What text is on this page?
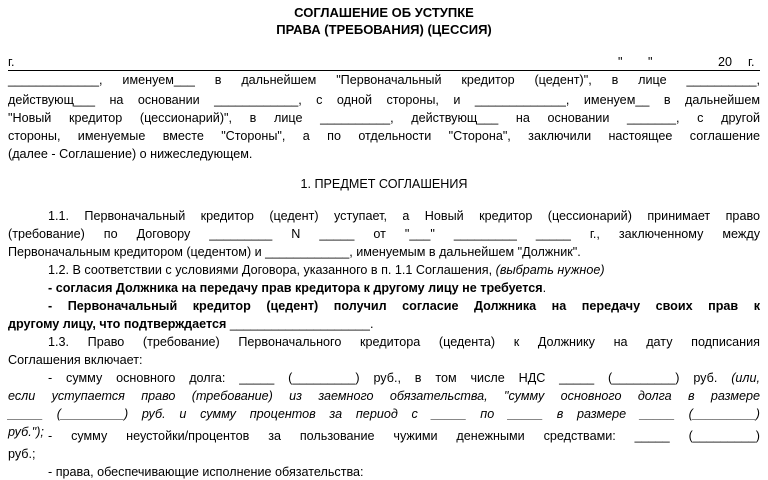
СОГЛАШЕНИЕ ОБ УСТУПКЕ
ПРАВА (ТРЕБОВАНИЯ) (ЦЕССИЯ)
г.	" "	20 г.
_____________, именуем___ в дальнейшем "Первоначальный кредитор (цедент)", в лице __________,
действующ___ на основании ____________, с одной стороны, и _____________, именуем__ в дальнейшем
"Новый кредитор (цессионарий)", в лице __________, действующ___ на основании _______, с другой
стороны, именуемые вместе "Стороны", а по отдельности "Сторона", заключили настоящее соглашение
(далее - Соглашение) о нижеследующем.
1. ПРЕДМЕТ СОГЛАШЕНИЯ
1.1. Первоначальный кредитор (цедент) уступает, а Новый кредитор (цессионарий) принимает право
(требование) по Договору _________ N _____ от "___" _________ _____ г., заключенному между
Первоначальным кредитором (цедентом) и ____________, именуемым в дальнейшем "Должник".
1.2. В соответствии с условиями Договора, указанного в п. 1.1 Соглашения, (выбрать нужное)
- согласия Должника на передачу прав кредитора к другому лицу не требуется.
- Первоначальный кредитор (цедент) получил согласие Должника на передачу своих прав к
другому лицу, что подтверждается ____________________.
1.3. Право (требование) Первоначального кредитора (цедента) к Должнику на дату подписания
Соглашения включает:
- сумму основного долга: _____ (_________) руб., в том числе НДС _____ (_________) руб. (или,
если уступается право (требование) из заемного обязательства, "сумму основного долга в размере
_____ (_________) руб. и сумму процентов за период с _____ по _____ в размере _____ (_________)
руб."); - сумму неустойки/процентов за пользование чужими денежными средствами: _____ (_________)
руб.;
- права, обеспечивающие исполнение обязательства:
